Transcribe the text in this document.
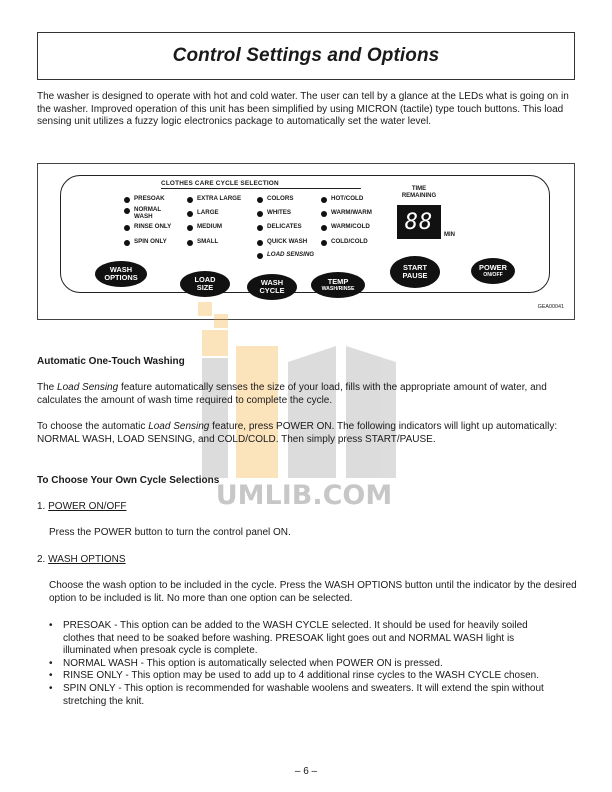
Control Settings and Options

The washer is designed to operate with hot and cold water. The user can tell by a glance at the LEDs what is going on in the washer. Improved operation of this unit has been simplified by using MICRON (tactile) type touch buttons. This load sensing unit utilizes a fuzzy logic electronics package to automatically set the water level.

CLOTHES CARE CYCLE SELECTION
PRESOAK
NORMAL WASH
RINSE ONLY
SPIN ONLY
EXTRA LARGE
LARGE
MEDIUM
SMALL
COLORS
WHITES
DELICATES
QUICK WASH
LOAD SENSING
HOT/COLD
WARM/WARM
WARM/COLD
COLD/COLD
TIME REMAINING
88
MIN
WASH OPTIONS	LOAD SIZE
WASH CYCLE
TEMP
WASH/RINSE
START PAUSE
POWER
ON/OFF
GEA00041
UMLIB.COM
Automatic One-Touch Washing

The Load Sensing feature automatically senses the size of your load, fills with the appropriate amount of water, and calculates the amount of wash time required to complete the cycle.

To choose the automatic Load Sensing feature, press POWER ON. The following indicators will light up automatically: NORMAL WASH, LOAD SENSING, and COLD/COLD. Then simply press START/PAUSE.

To Choose Your Own Cycle Selections
1. POWER ON/OFF

Press the POWER button to turn the control panel ON.

2. WASH OPTIONS

Choose the wash option to be included in the cycle. Press the WASH OPTIONS button until the indicator by the desired option to be included is lit. No more than one option can be selected.

• PRESOAK - This option can be added to the WASH CYCLE selected. It should be used for heavily soiled clothes that need to be soaked before washing. PRESOAK light goes out and NORMAL WASH light is illuminated when presoak cycle is complete.
• NORMAL WASH - This option is automatically selected when POWER ON is pressed.
• RINSE ONLY - This option may be used to add up to 4 additional rinse cycles to the WASH CYCLE chosen.
• SPIN ONLY - This option is recommended for washable woolens and sweaters. It will extend the spin without stretching the knit.
– 6 –
